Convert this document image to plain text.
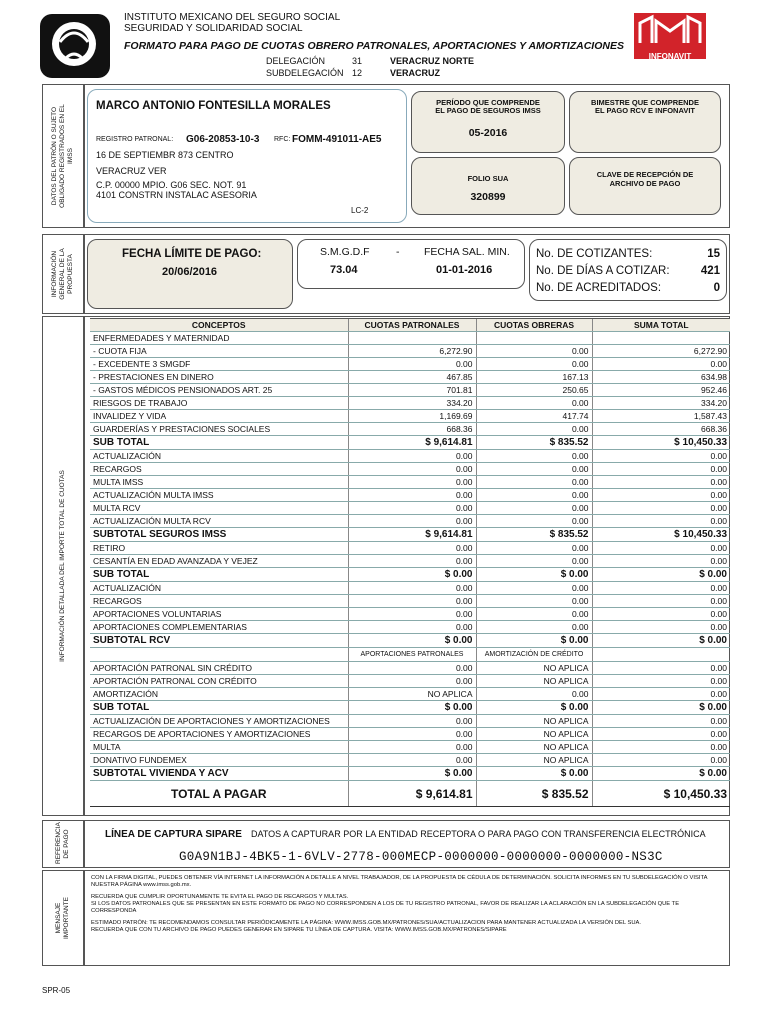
INSTITUTO MEXICANO DEL SEGURO SOCIAL
SEGURIDAD Y SOLIDARIDAD SOCIAL
FORMATO PARA PAGO DE CUOTAS OBRERO PATRONALES, APORTACIONES Y AMORTIZACIONES
DELEGACIÓN	31	VERACRUZ NORTE
SUBDELEGACIÓN 12	VERACRUZ
INFONAVIT
DATOS DEL PATRÓN O SUJETO OBLIGADO REGISTRADOS EN EL IMSS
MARCO ANTONIO FONTESILLA MORALES
REGISTRO PATRONAL: G06-20853-10-3 RFC: FOMM-491011-AE5
16 DE SEPTIEMBR 873 CENTRO
VERACRUZ VER
C.P. 00000 MPIO. G06 SEC. NOT. 91
4101 CONSTRN INSTALAC ASESORIA
LC-2
PERÍODO QUE COMPRENDE EL PAGO DE SEGUROS IMSS
05-2016
BIMESTRE QUE COMPRENDE EL PAGO RCV E INFONAVIT
FOLIO SUA
320899
CLAVE DE RECEPCIÓN DE ARCHIVO DE PAGO
INFORMACIÓN GENERAL DE LA PROPUESTA
FECHA LÍMITE DE PAGO:
20/06/2016
S.M.G.D.F	- FECHA SAL. MIN.
73.04	01-01-2016
No. DE COTIZANTES:	15
No. DE DÍAS A COTIZAR:	421
No. DE ACREDITADOS:	0
INFORMACIÓN DETALLADA DEL IMPORTE TOTAL DE CUOTAS
CONCEPTOS	CUOTAS PATRONALES	CUOTAS OBRERAS	SUMA TOTAL
ENFERMEDADES Y MATERNIDAD			
- CUOTA FIJA	6,272.90	0.00	6,272.90
- EXCEDENTE 3 SMGDF	0.00	0.00	0.00
- PRESTACIONES EN DINERO	467.85	167.13	634.98
- GASTOS MÉDICOS PENSIONADOS ART. 25	701.81	250.65	952.46
RIESGOS DE TRABAJO	334.20	0.00	334.20
INVALIDEZ Y VIDA	1,169.69	417.74	1,587.43
GUARDERÍAS Y PRESTACIONES SOCIALES	668.36	0.00	668.36
SUB TOTAL	$ 9,614.81	$ 835.52	$ 10,450.33
ACTUALIZACIÓN	0.00	0.00	0.00
RECARGOS	0.00	0.00	0.00
MULTA IMSS	0.00	0.00	0.00
ACTUALIZACIÓN MULTA IMSS	0.00	0.00	0.00
MULTA RCV	0.00	0.00	0.00
ACTUALIZACIÓN MULTA RCV	0.00	0.00	0.00
SUBTOTAL SEGUROS IMSS	$ 9,614.81	$ 835.52	$ 10,450.33
RETIRO	0.00	0.00	0.00
CESANTÍA EN EDAD AVANZADA Y VEJEZ	0.00	0.00	0.00
SUB TOTAL	$ 0.00	$ 0.00	$ 0.00
ACTUALIZACIÓN	0.00	0.00	0.00
RECARGOS	0.00	0.00	0.00
APORTACIONES VOLUNTARIAS	0.00	0.00	0.00
APORTACIONES COMPLEMENTARIAS	0.00	0.00	0.00
SUBTOTAL RCV	$ 0.00	$ 0.00	$ 0.00
	APORTACIONES PATRONALES	AMORTIZACIÓN DE CRÉDITO	
APORTACIÓN PATRONAL SIN CRÉDITO	0.00	NO APLICA	0.00
APORTACIÓN PATRONAL CON CRÉDITO	0.00	NO APLICA	0.00
AMORTIZACIÓN	NO APLICA	0.00	0.00
SUB TOTAL	$ 0.00	$ 0.00	$ 0.00
ACTUALIZACIÓN DE APORTACIONES Y AMORTIZACIONES	0.00	NO APLICA	0.00
RECARGOS DE APORTACIONES Y AMORTIZACIONES	0.00	NO APLICA	0.00
MULTA	0.00	NO APLICA	0.00
DONATIVO FUNDEMEX	0.00	NO APLICA	0.00
SUBTOTAL VIVIENDA Y ACV	$ 0.00	$ 0.00	$ 0.00
TOTAL A PAGAR	$ 9,614.81	$ 835.52	$ 10,450.33
REFERENCIA DE PAGO	LÍNEA DE CAPTURA SIPARE DATOS A CAPTURAR POR LA ENTIDAD RECEPTORA O PARA PAGO CON TRANSFERENCIA ELECTRÓNICA
G0A9N1BJ-4BK5-1-6VLV-2778-000MECP-0000000-0000000-0000000-NS3C
MENSAJE IMPORTANTE
CON LA FIRMA DIGITAL, PUEDES OBTENER VÍA INTERNET LA INFORMACIÓN A DETALLE A NIVEL TRABAJADOR, DE LA PROPUESTA DE CÉDULA DE DETERMINACIÓN. SOLICITA INFORMES EN TU SUBDELEGACIÓN O VISITA NUESTRA PÁGINA www.imss.gob.mx.
RECUERDA QUE CUMPLIR OPORTUNAMENTE TE EVITA EL PAGO DE RECARGOS Y MULTAS.
SI LOS DATOS PATRONALES QUE SE PRESENTAN EN ESTE FORMATO DE PAGO NO CORRESPONDEN A LOS DE TU REGISTRO PATRONAL, FAVOR DE REALIZAR LA ACLARACIÓN EN LA SUBDELEGACIÓN QUE TE CORRESPONDA
ESTIMADO PATRÓN: TE RECOMENDAMOS CONSULTAR PERIÓDICAMENTE LA PÁGINA: WWW.IMSS.GOB.MX/PATRONES/SUA/ACTUALIZACION PARA MANTENER ACTUALIZADA LA VERSIÓN DEL SUA.
RECUERDA QUE CON TU ARCHIVO DE PAGO PUEDES GENERAR EN SIPARE TU LÍNEA DE CAPTURA. VISITA: WWW.IMSS.GOB.MX/PATRONES/SIPARE
SPR-05
